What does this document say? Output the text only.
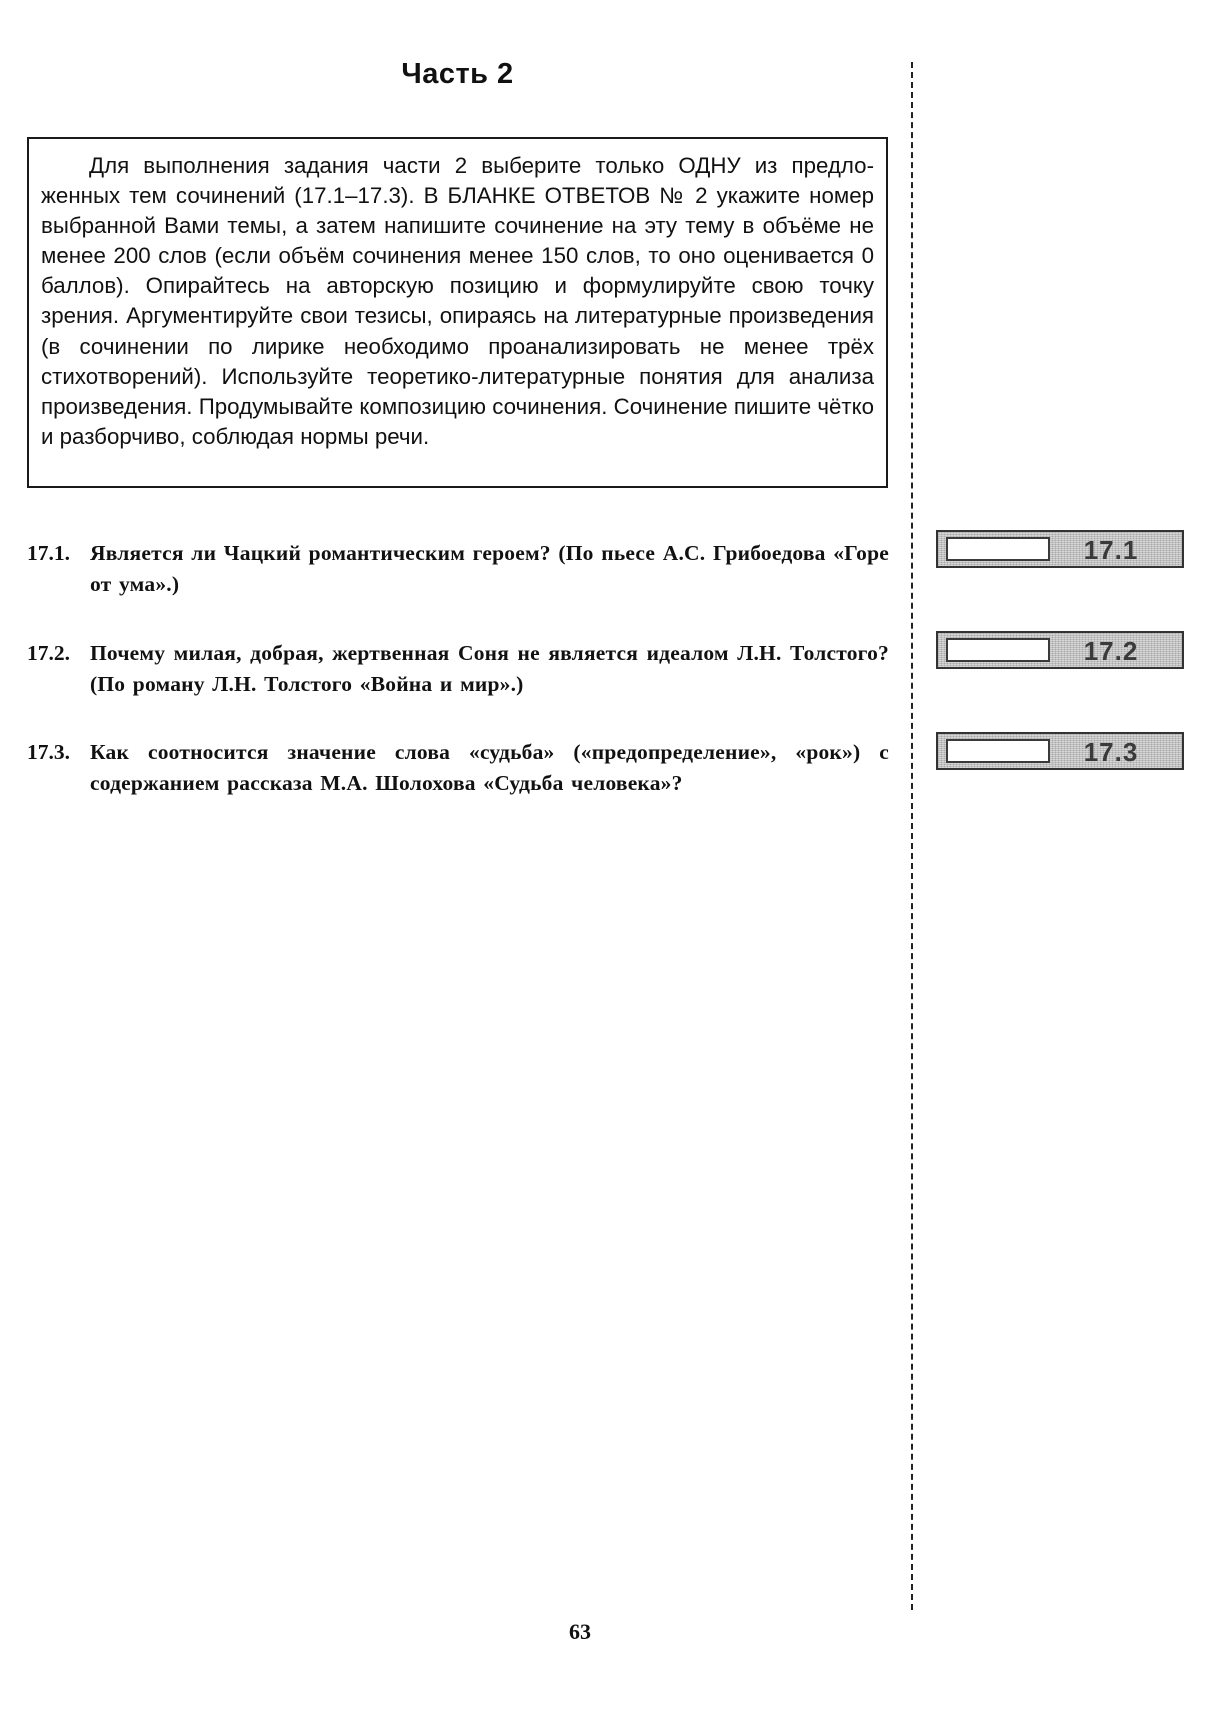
Часть 2

Для выполнения задания части 2 выберите только ОДНУ из предложенных тем сочинений (17.1–17.3). В БЛАНКЕ ОТВЕТОВ № 2 укажите номер выбранной Вами темы, а затем напишите сочинение на эту тему в объёме не менее 200 слов (если объём сочинения менее 150 слов, то оно оценивается 0 баллов). Опирайтесь на авторскую позицию и формулируйте свою точку зрения. Аргументируйте свои тезисы, опираясь на литературные произведения (в сочинении по лирике необходимо проанализировать не менее трёх стихотворений). Используйте теоретико-литературные понятия для анализа произведения. Продумывайте композицию сочинения. Сочинение пишите чётко и разборчиво, соблюдая нормы речи.

17.1. Является ли Чацкий романтическим героем? (По пьесе А.С. Грибоедова «Горе от ума».)

17.2. Почему милая, добрая, жертвенная Соня не является идеалом Л.Н. Толстого? (По роману Л.Н. Толстого «Война и мир».)

17.3. Как соотносится значение слова «судьба» («предопределение», «рок») с содержанием рассказа М.А. Шолохова «Судьба человека»?

17.1
17.2
17.3
63
